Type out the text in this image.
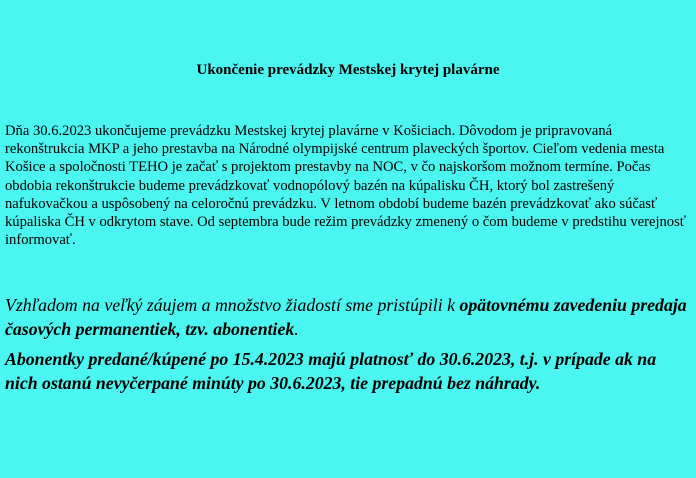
Ukončenie prevádzky Mestskej krytej plavárne
Dňa 30.6.2023 ukončujeme prevádzku Mestskej krytej plavárne v Košiciach. Dôvodom je pripravovaná rekonštrukcia MKP a jeho prestavba na Národné olympijské centrum plaveckých športov. Cieľom vedenia mesta Košice a spoločnosti TEHO je začať s projektom prestavby na NOC, v čo najskoršom možnom termíne. Počas obdobia rekonštrukcie budeme prevádzkovať vodnopólový bazén na kúpalisku ČH, ktorý bol zastrešený nafukovačkou a uspôsobený na celoročnú prevádzku. V letnom období budeme bazén prevádzkovať ako súčasť kúpaliska ČH v odkrytom stave. Od septembra bude režim prevádzky zmenený o čom budeme v predstihu verejnosť informovať.
Vzhľadom na veľký záujem a množstvo žiadostí sme pristúpili k opätovnému zavedeniu predaja časových permanentiek, tzv. abonentiek.
Abonentky predané/kúpené po 15.4.2023 majú platnosť do 30.6.2023, t.j. v prípade ak na nich ostanú nevyčerpané minúty po 30.6.2023, tie prepadnú bez náhrady.
